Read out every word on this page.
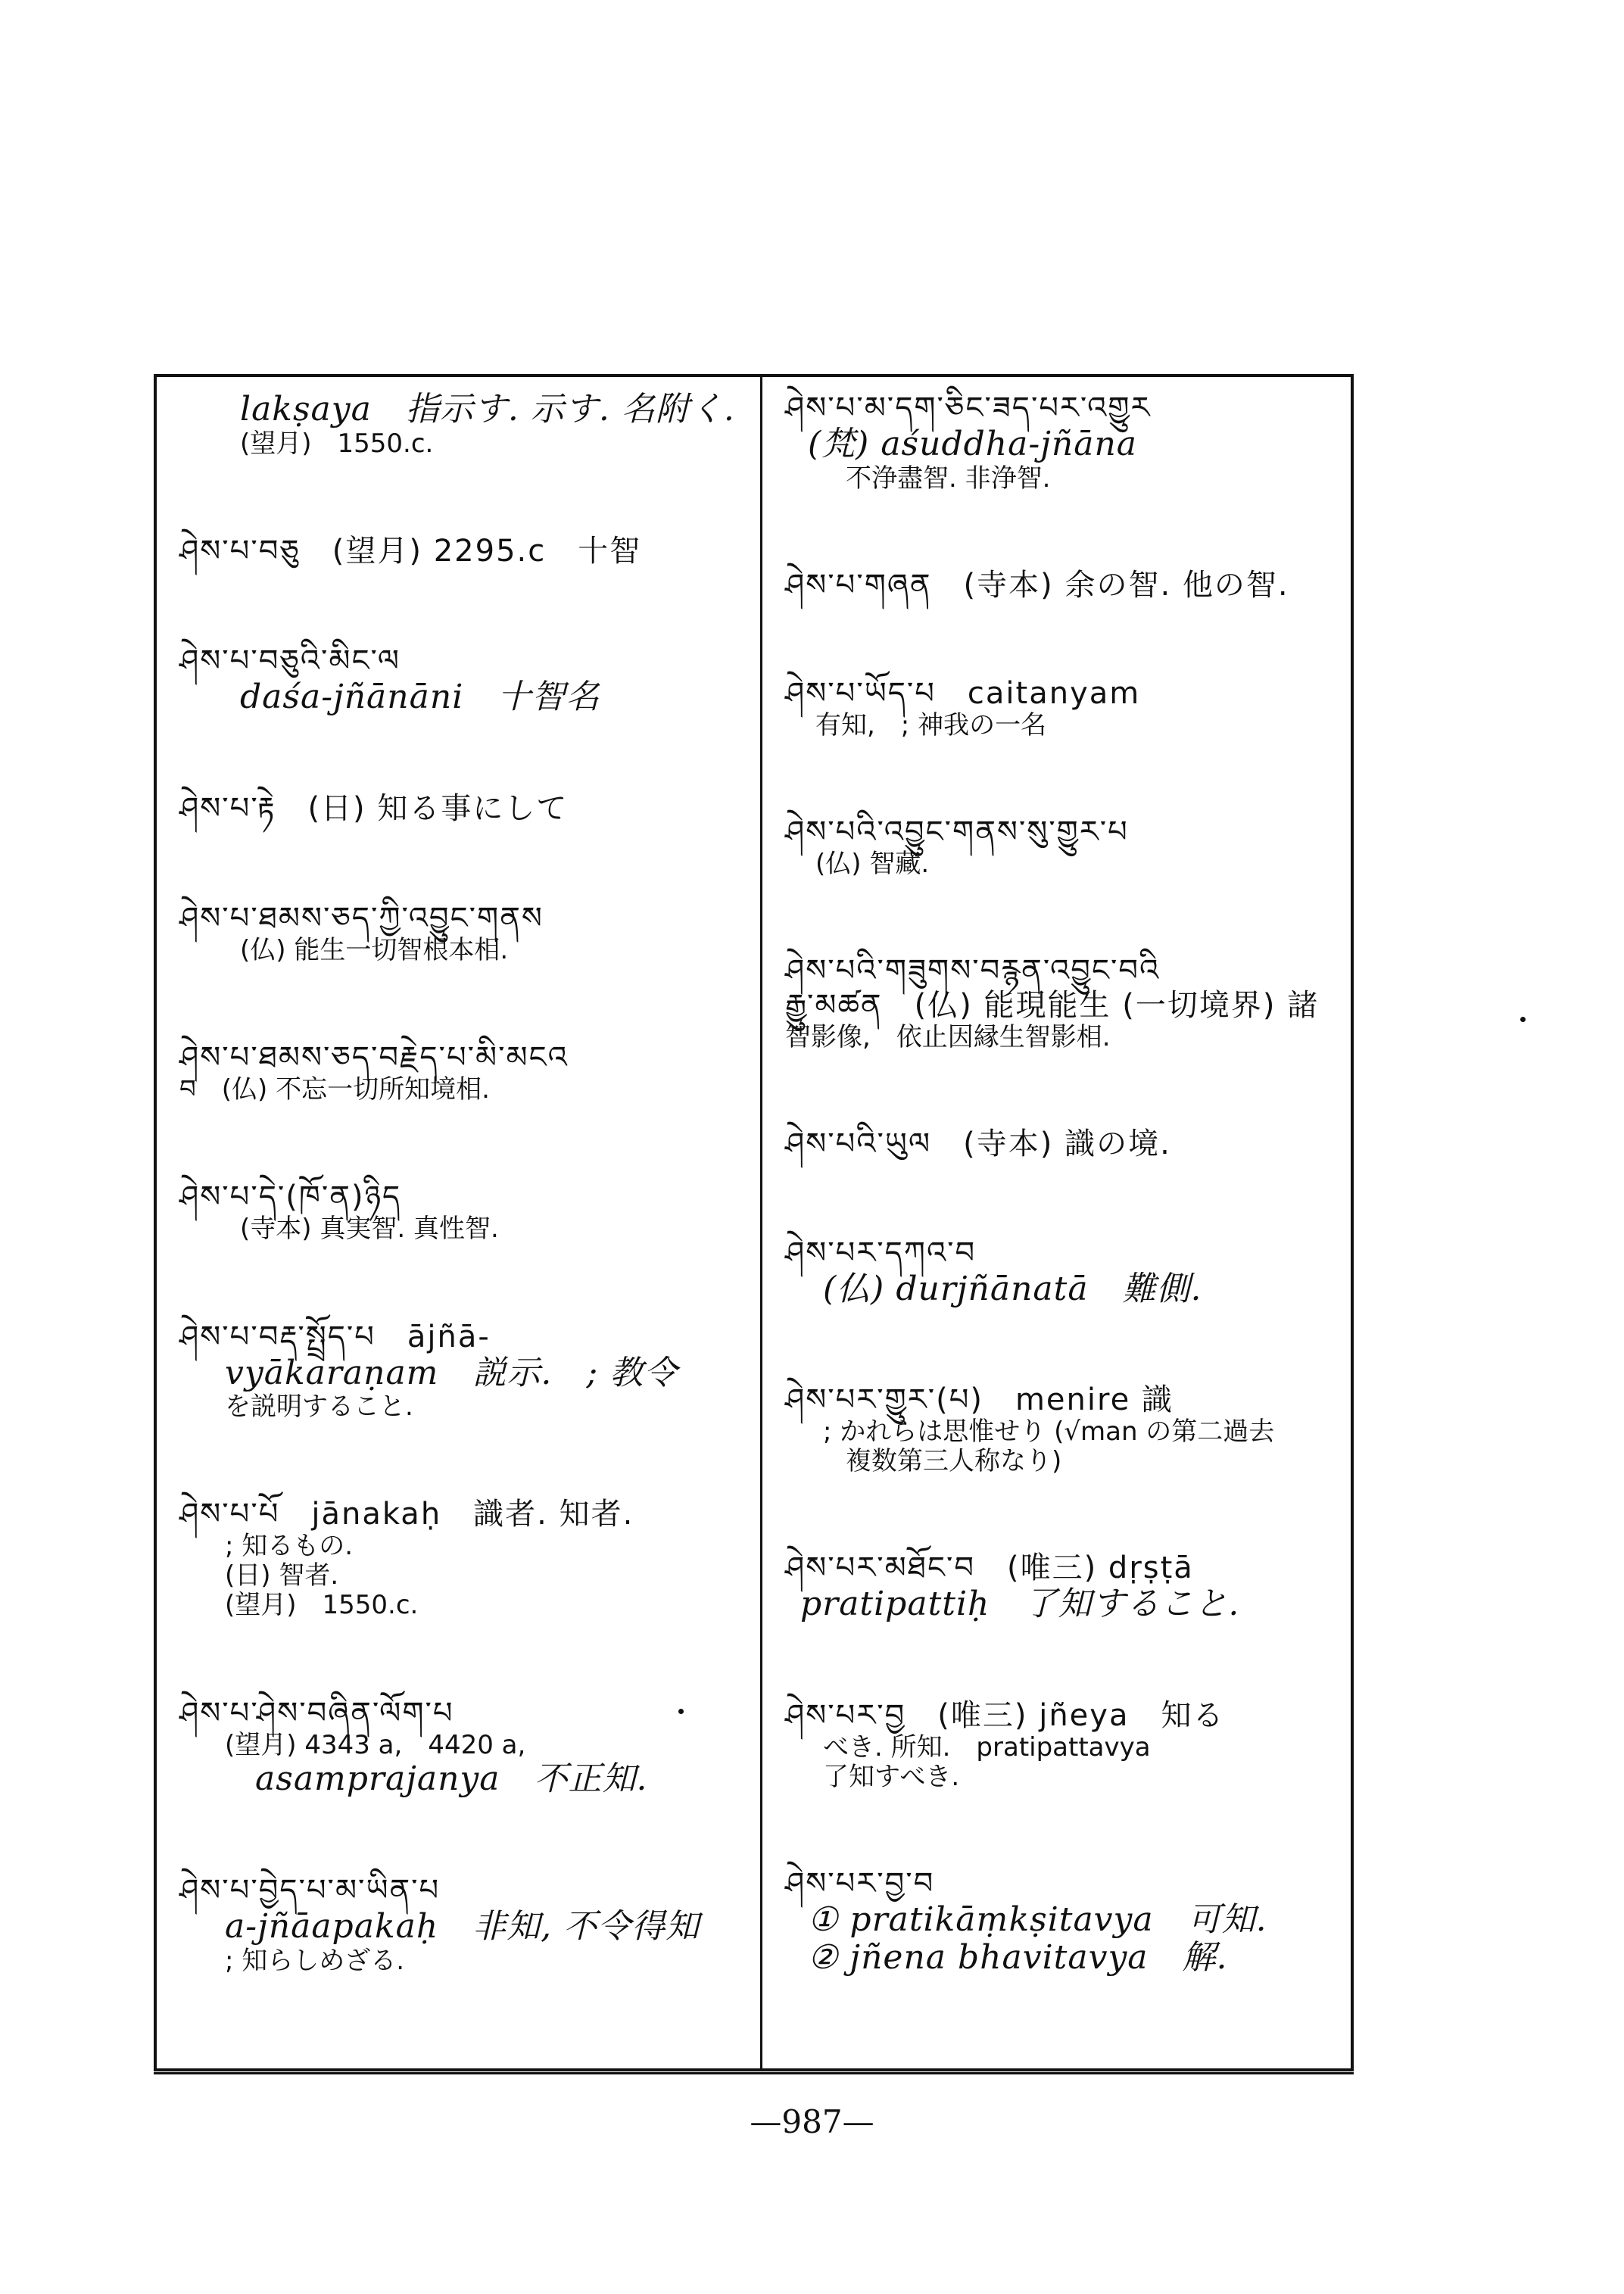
lakṣaya　指示す. 示す. 名附く.
(望月)　1550.c.
ཤེས་པ་བཅུ　(望月) 2295.c　十智
ཤེས་པ་བཅུའི་མིང་ལ
daśa-jñānāni　十智名
ཤེས་པ་རྟེ　(日) 知る事にして
ཤེས་པ་ཐམས་ཅད་ཀྱི་འབྱུང་གནས
(仏) 能生一切智根本相.
ཤེས་པ་ཐམས་ཅད་བརྗེད་པ་མི་མངའ
བ　(仏) 不忘一切所知境相.
ཤེས་པ་དེ་(ཁོ་ན)ཉིད
(寺本) 真実智. 真性智.
ཤེས་པ་བརྡ་སྤྲོད་པ　ājñā-
vyākaraṇam　説示.　; 教令
を説明すること.
ཤེས་པ་པོ　jānakaḥ　識者. 知者.
; 知るもの.
(日) 智者.
(望月)　1550.c.
ཤེས་པ་ཤེས་བཞིན་ལོག་པ
(望月) 4343 a,　4420 a,
asamprajanya　不正知.
ཤེས་པ་བྱེད་པ་མ་ཡིན་པ
a-jñāapakaḥ　非知, 不令得知
; 知らしめざる.
ཤེས་པ་མ་དག་ཅིང་ཟད་པར་འགྱུར
(梵) aśuddha-jñāna
不浄盡智. 非浄智.
ཤེས་པ་གཞན　(寺本) 余の智. 他の智.
ཤེས་པ་ཡོད་པ　caitanyam
有知,　; 神我の一名
ཤེས་པའི་འབྱུང་གནས་སུ་གྱུར་པ
(仏) 智藏.
ཤེས་པའི་གཟུགས་བརྙན་འབྱུང་བའི
རྒྱུ་མཚན　(仏) 能現能生 (一切境界) 諸
智影像,　依止因縁生智影相.
ཤེས་པའི་ཡུལ　(寺本) 識の境.
ཤེས་པར་དཀའ་བ
(仏) durjñānatā　難側.
ཤེས་པར་གྱུར་(པ)　menire 識
; かれらは思惟せり (√man の第二過去
複数第三人称なり)
ཤེས་པར་མཐོང་བ　(唯三) dṛṣṭā
pratipattiḥ　了知すること.
ཤེས་པར་བྱ　(唯三) jñeya　知る
べき. 所知.　pratipattavya
了知すべき.
ཤེས་པར་བྱ་བ
① pratikāṃkṣitavya　可知.
② jñena bhavitavya　解.
—987—
